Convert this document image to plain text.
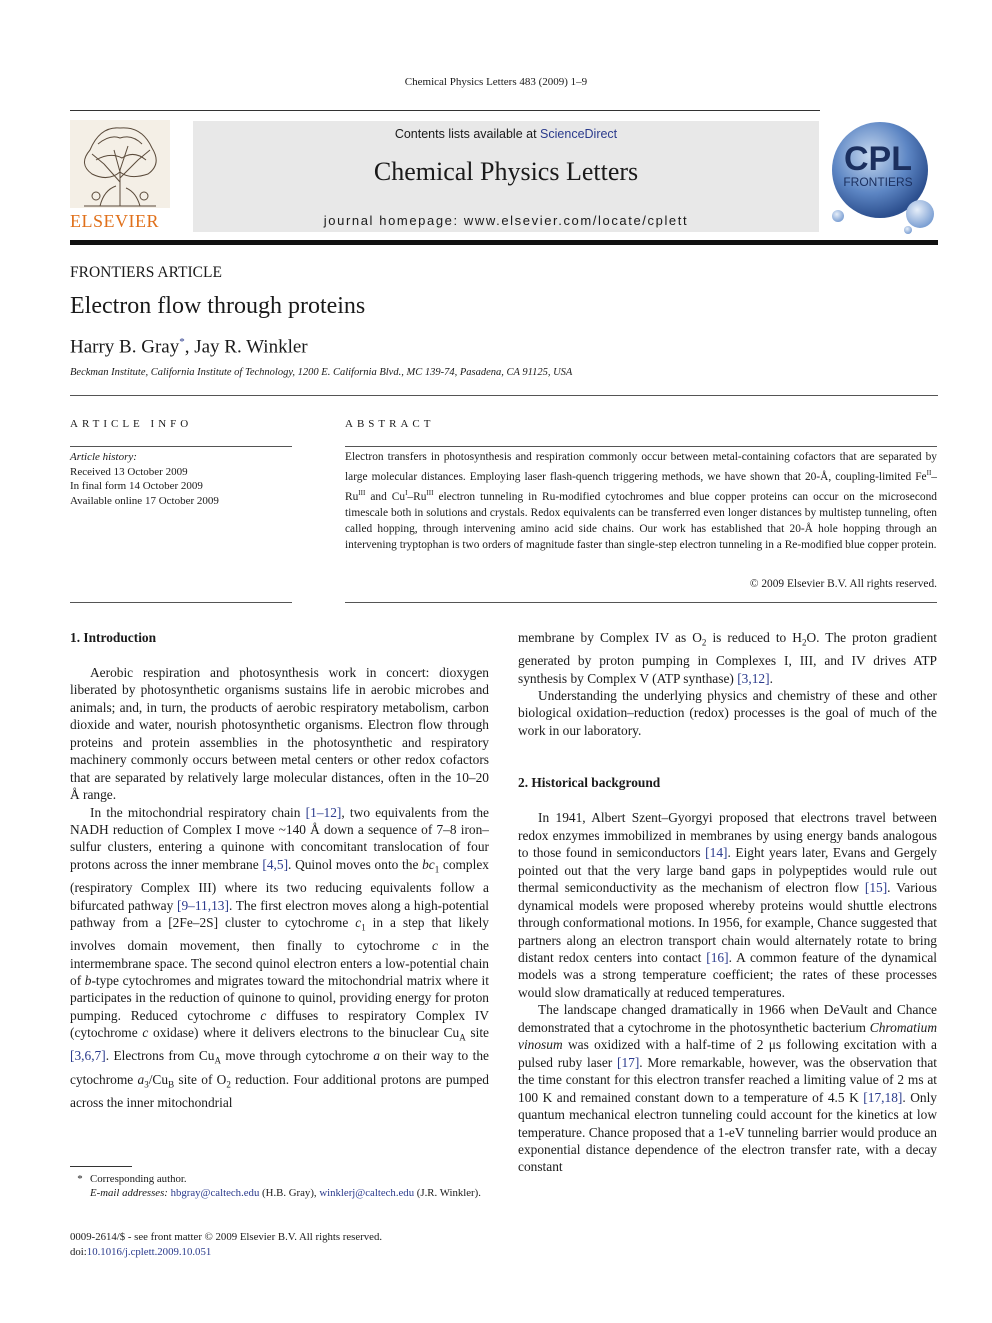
Chemical Physics Letters 483 (2009) 1–9
ELSEVIER
Contents lists available at ScienceDirect
Chemical Physics Letters
journal homepage: www.elsevier.com/locate/cplett
CPL
FRONTIERS
FRONTIERS ARTICLE
Electron flow through proteins
Harry B. Gray*, Jay R. Winkler
Beckman Institute, California Institute of Technology, 1200 E. California Blvd., MC 139-74, Pasadena, CA 91125, USA
ARTICLE INFO	ABSTRACT
Article history:
Received 13 October 2009
In final form 14 October 2009
Available online 17 October 2009
Electron transfers in photosynthesis and respiration commonly occur between metal-containing cofactors that are separated by large molecular distances. Employing laser flash-quench triggering methods, we have shown that 20-Å, coupling-limited $Fe^{II}-Ru^{III}$ and $Cu^I-Ru^{III}$ electron tunneling in Ru-modified cytochromes and blue copper proteins can occur on the microsecond timescale both in solutions and crystals. Redox equivalents can be transferred even longer distances by multistep tunneling, often called hopping, through intervening amino acid side chains. Our work has established that 20-Å hole hopping through an intervening tryptophan is two orders of magnitude faster than single-step electron tunneling in a Re-modified blue copper protein.
© 2009 Elsevier B.V. All rights reserved.
1. Introduction

Aerobic respiration and photosynthesis work in concert: dioxygen liberated by photosynthetic organisms sustains life in aerobic microbes and animals; and, in turn, the products of aerobic respiratory metabolism, carbon dioxide and water, nourish photosynthetic organisms. Electron flow through proteins and protein assemblies in the photosynthetic and respiratory machinery commonly occurs between metal centers or other redox cofactors that are separated by relatively large molecular distances, often in the 10–20 Å range.

In the mitochondrial respiratory chain [1–12], two equivalents from the NADH reduction of Complex I move ~140 Å down a sequence of 7–8 iron–sulfur clusters, entering a quinone with concomitant translocation of four protons across the inner membrane [4,5]. Quinol moves onto the $bc_1$ complex (respiratory Complex III) where its two reducing equivalents follow a bifurcated pathway [9–11,13]. The first electron moves along a high-potential pathway from a [2Fe–2S] cluster to cytochrome $c_1$ in a step that likely involves domain movement, then finally to cytochrome c in the intermembrane space. The second quinol electron enters a low-potential chain of b-type cytochromes and migrates toward the mitochondrial matrix where it participates in the reduction of quinone to quinol, providing energy for proton pumping. Reduced cytochrome c diffuses to respiratory Complex IV (cytochrome c oxidase) where it delivers electrons to the binuclear $Cu_A$ site [3,6,7]. Electrons from $Cu_A$ move through cytochrome a on their way to the cytochrome $a_3/Cu_B$ site of $O_2$ reduction. Four additional protons are pumped across the inner mitochondrial

membrane by Complex IV as $O_2$ is reduced to $H_2O$. The proton gradient generated by proton pumping in Complexes I, III, and IV drives ATP synthesis by Complex V (ATP synthase) [3,12].

Understanding the underlying physics and chemistry of these and other biological oxidation–reduction (redox) processes is the goal of much of the work in our laboratory.

2. Historical background

In 1941, Albert Szent–Gyorgyi proposed that electrons travel between redox enzymes immobilized in membranes by using energy bands analogous to those found in semiconductors [14]. Eight years later, Evans and Gergely pointed out that the very large band gaps in polypeptides would rule out thermal semiconductivity as the mechanism of electron flow [15]. Various dynamical models were proposed whereby proteins would shuttle electrons through conformational motions. In 1956, for example, Chance suggested that partners along an electron transport chain would alternately rotate to bring distant redox centers into contact [16]. A common feature of the dynamical models was a strong temperature coefficient; the rates of these processes would slow dramatically at reduced temperatures.

The landscape changed dramatically in 1966 when DeVault and Chance demonstrated that a cytochrome in the photosynthetic bacterium Chromatium vinosum was oxidized with a half-time of 2 μs following excitation with a pulsed ruby laser [17]. More remarkable, however, was the observation that the time constant for this electron transfer reached a limiting value of 2 ms at 100 K and remained constant down to a temperature of 4.5 K [17,18]. Only quantum mechanical electron tunneling could account for the kinetics at low temperature. Chance proposed that a 1-eV tunneling barrier would produce an exponential distance dependence of the electron transfer rate, with a decay constant

* Corresponding author.
E-mail addresses: hbgray@caltech.edu (H.B. Gray), winklerj@caltech.edu (J.R. Winkler).
0009-2614/$ - see front matter © 2009 Elsevier B.V. All rights reserved.
doi:10.1016/j.cplett.2009.10.051
